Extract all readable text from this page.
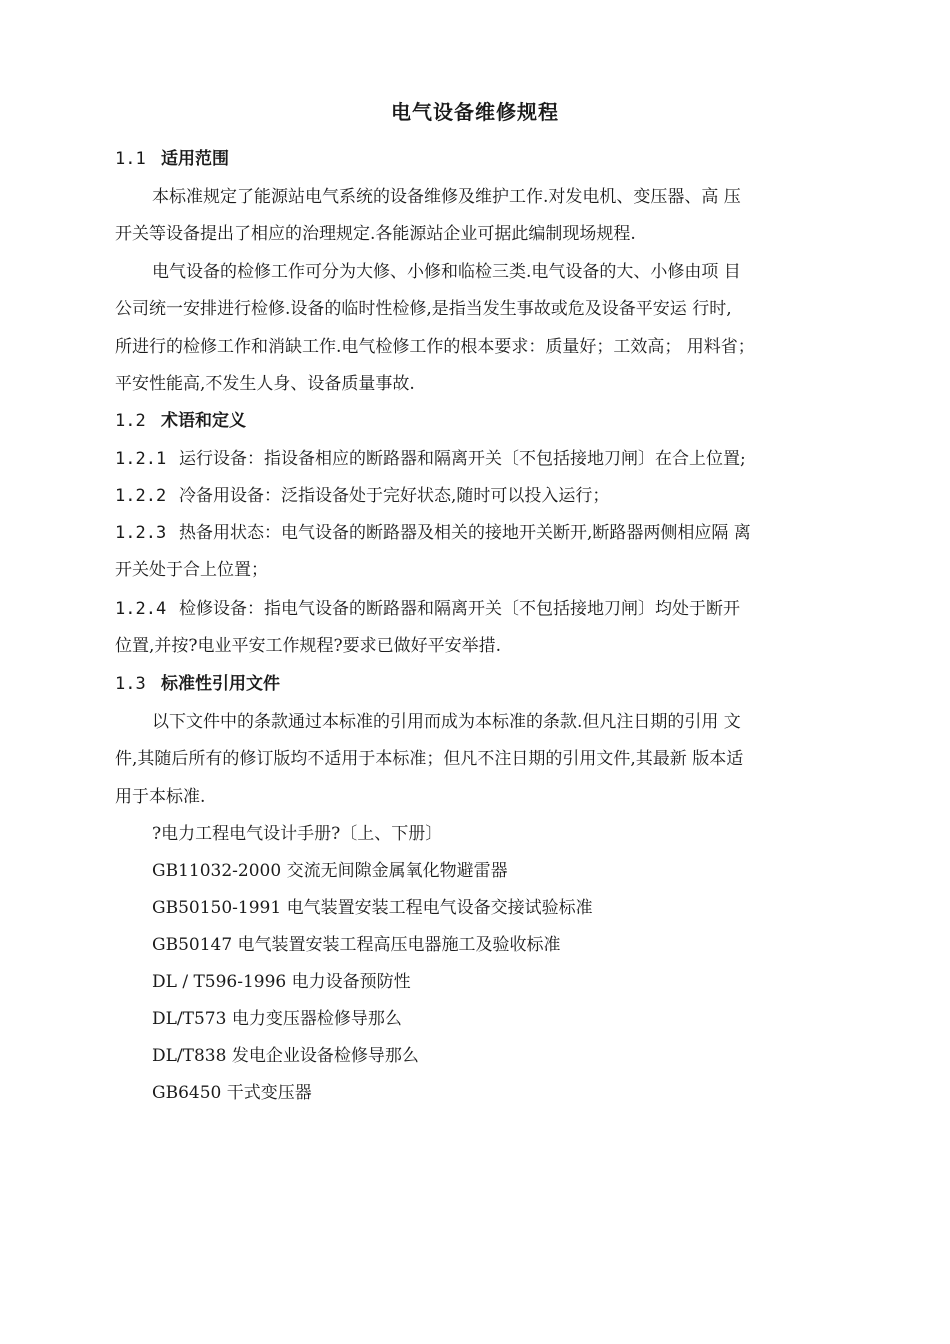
电气设备维修规程
1.1 适用范围
本标准规定了能源站电气系统的设备维修及维护工作.对发电机、变压器、高 压
开关等设备提出了相应的治理规定.各能源站企业可据此编制现场规程.
电气设备的检修工作可分为大修、小修和临检三类.电气设备的大、小修由项 目
公司统一安排进行检修.设备的临时性检修,是指当发生事故或危及设备平安运 行时,
所进行的检修工作和消缺工作.电气检修工作的根本要求：质量好；工效高； 用料省；
平安性能高,不发生人身、设备质量事故.
1.2 术语和定义
1.2.1 运行设备：指设备相应的断路器和隔离开关〔不包括接地刀闸〕在合上位置;
1.2.2 冷备用设备：泛指设备处于完好状态,随时可以投入运行；
1.2.3 热备用状态：电气设备的断路器及相关的接地开关断开,断路器两侧相应隔 离
开关处于合上位置；
1.2.4 检修设备：指电气设备的断路器和隔离开关〔不包括接地刀闸〕均处于断开
位置,并按?电业平安工作规程?要求已做好平安举措.
1.3 标准性引用文件
以下文件中的条款通过本标准的引用而成为本标准的条款.但凡注日期的引用 文
件,其随后所有的修订版均不适用于本标准；但凡不注日期的引用文件,其最新 版本适
用于本标准.
?电力工程电气设计手册?〔上、下册〕
GB11032-2000 交流无间隙金属氧化物避雷器
GB50150-1991 电气装置安装工程电气设备交接试验标准
GB50147 电气装置安装工程高压电器施工及验收标准
DL / T596-1996 电力设备预防性
DL/T573 电力变压器检修导那么
DL/T838 发电企业设备检修导那么
GB6450 干式变压器
